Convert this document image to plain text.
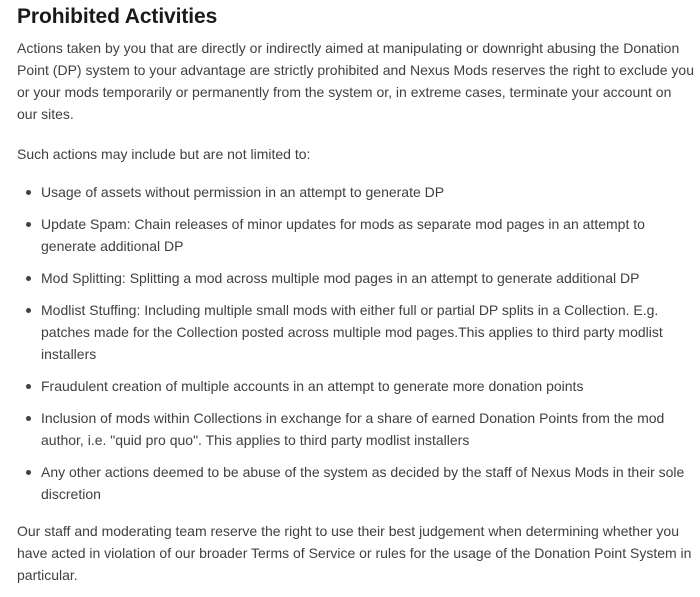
Prohibited Activities

Actions taken by you that are directly or indirectly aimed at manipulating or downright abusing the Donation Point (DP) system to your advantage are strictly prohibited and Nexus Mods reserves the right to exclude you or your mods temporarily or permanently from the system or, in extreme cases, terminate your account on our sites.

Such actions may include but are not limited to:

Usage of assets without permission in an attempt to generate DP
Update Spam: Chain releases of minor updates for mods as separate mod pages in an attempt to generate additional DP
Mod Splitting: Splitting a mod across multiple mod pages in an attempt to generate additional DP
Modlist Stuffing: Including multiple small mods with either full or partial DP splits in a Collection. E.g. patches made for the Collection posted across multiple mod pages.This applies to third party modlist installers
Fraudulent creation of multiple accounts in an attempt to generate more donation points
Inclusion of mods within Collections in exchange for a share of earned Donation Points from the mod author, i.e. "quid pro quo". This applies to third party modlist installers
Any other actions deemed to be abuse of the system as decided by the staff of Nexus Mods in their sole discretion

Our staff and moderating team reserve the right to use their best judgement when determining whether you have acted in violation of our broader Terms of Service or rules for the usage of the Donation Point System in particular.
